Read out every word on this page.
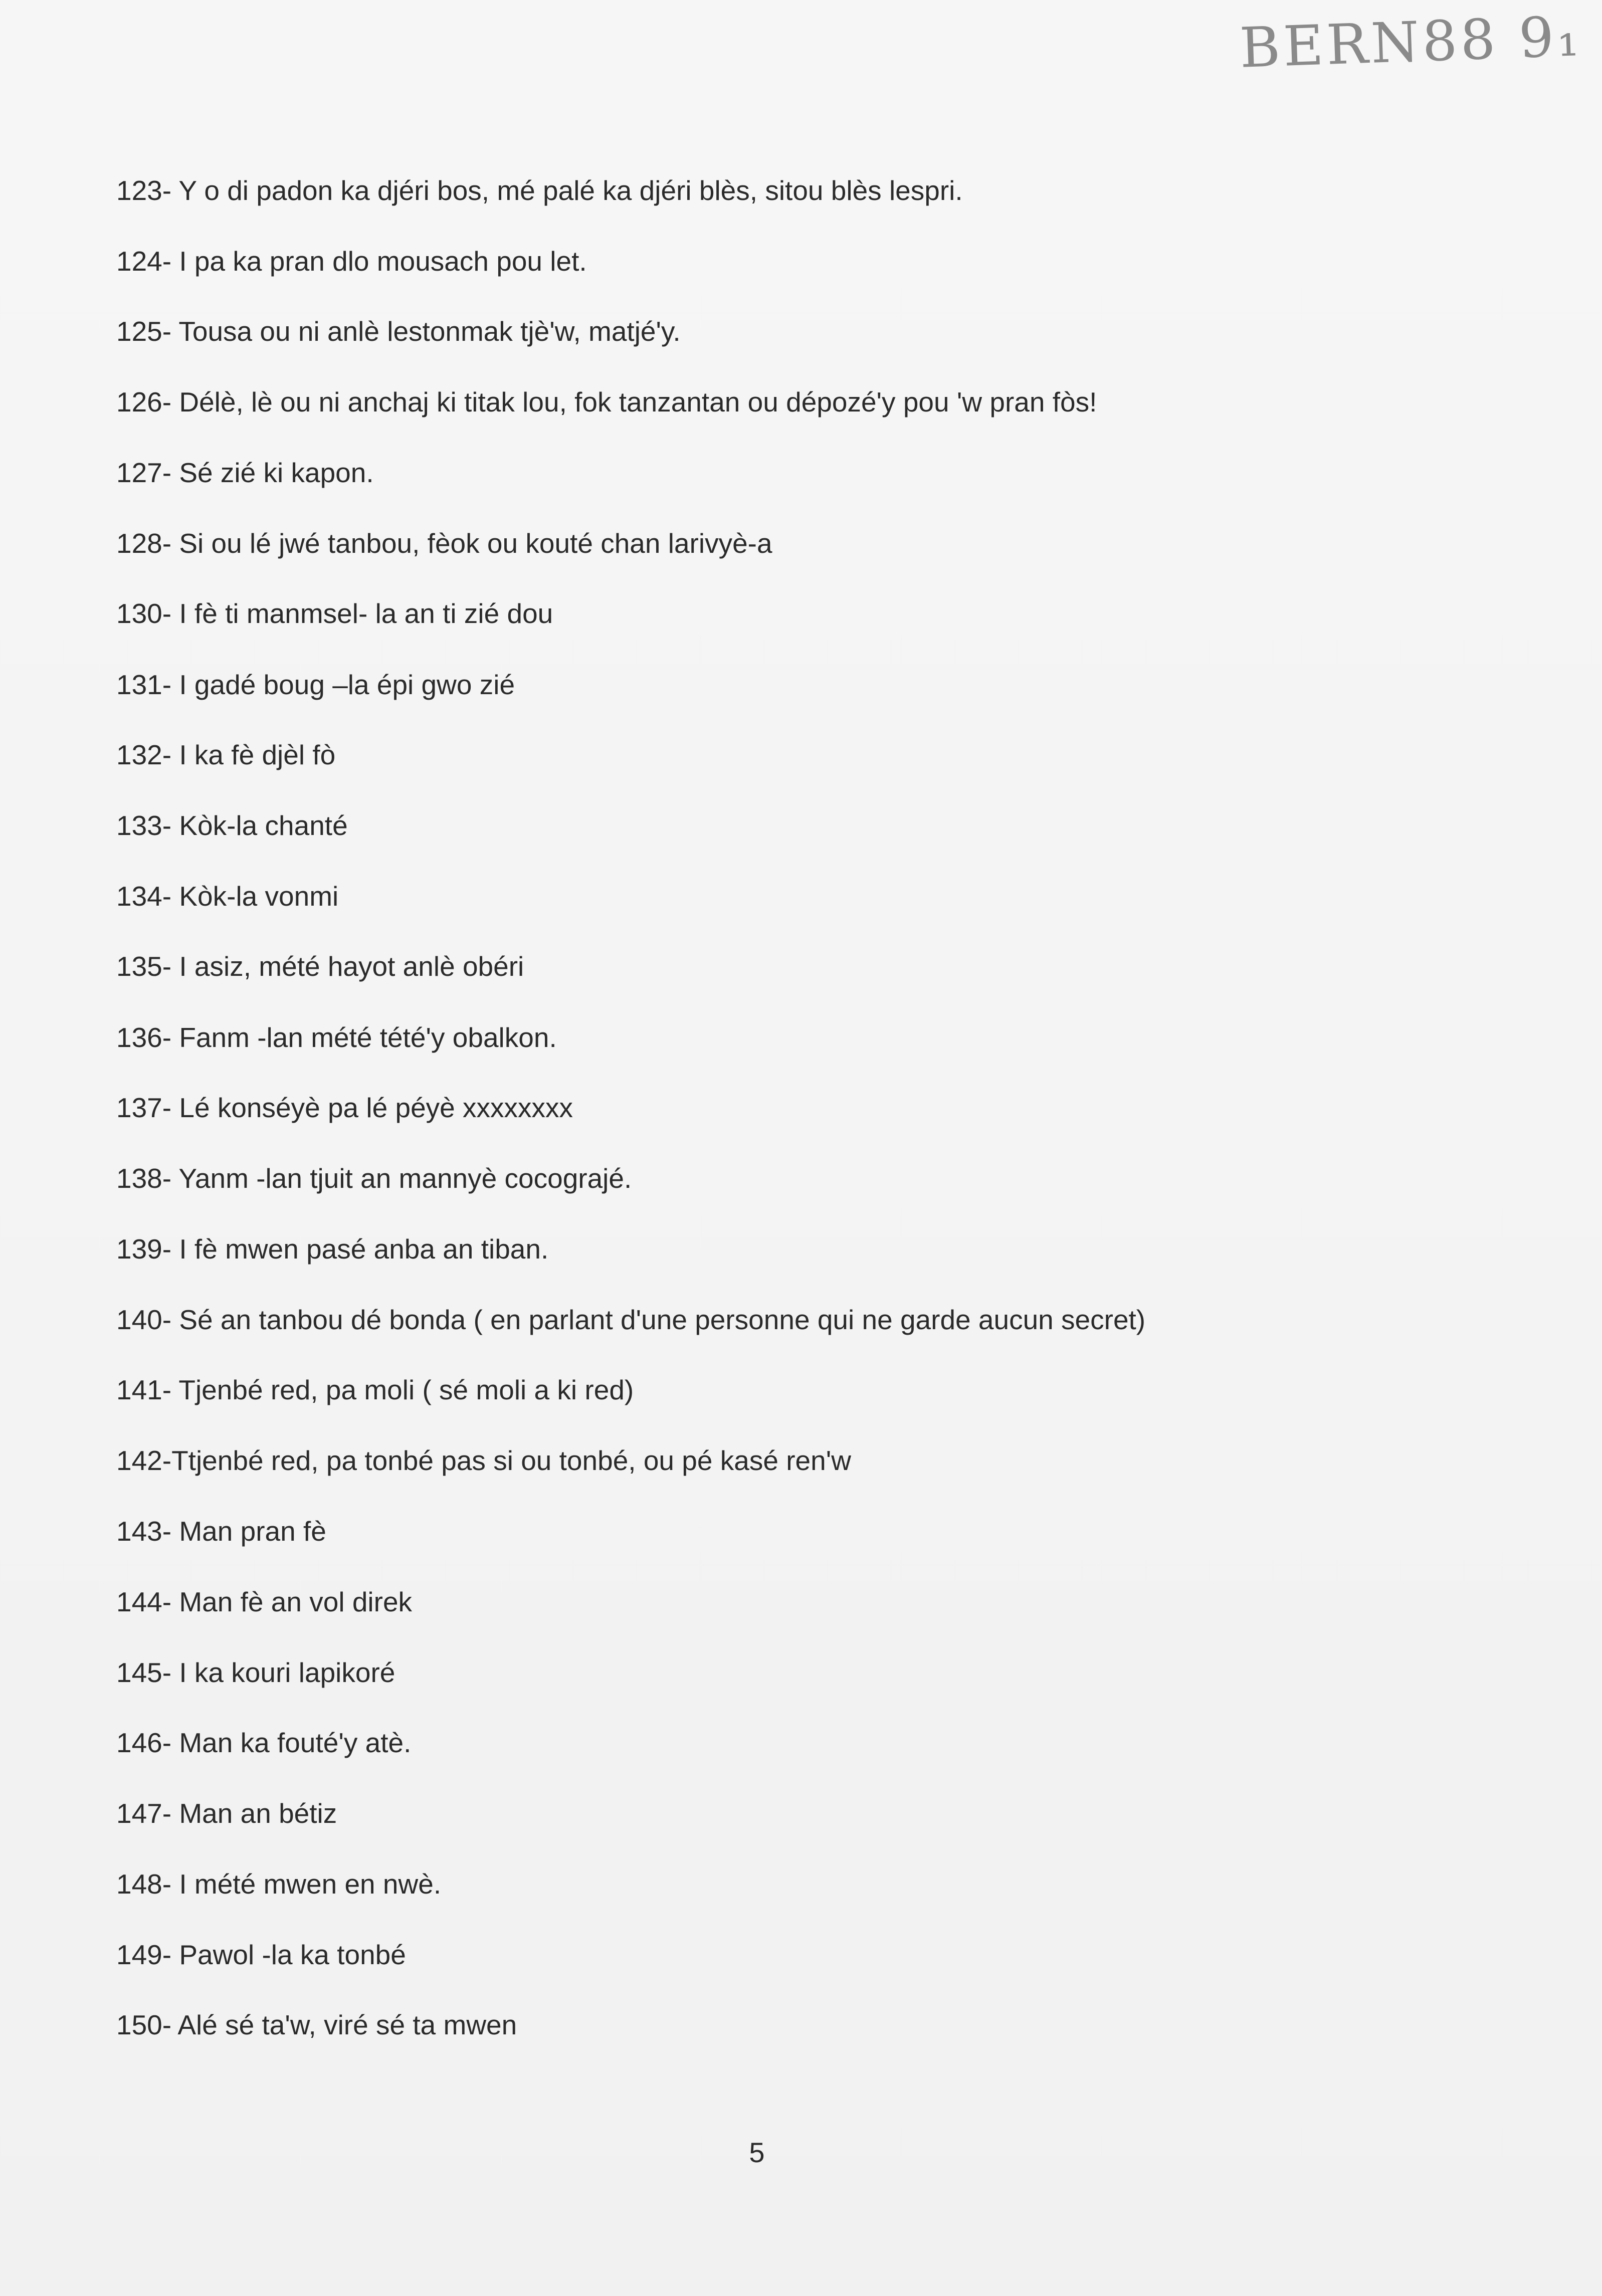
BERN88 9₁
123- Y o di padon ka djéri bos, mé palé ka djéri blès, sitou blès lespri.
124- I pa ka pran dlo mousach pou let.
125- Tousa ou ni anlè lestonmak tjè'w, matjé'y.
126- Délè, lè ou ni anchaj ki titak lou, fok tanzantan ou dépozé'y pou 'w pran fòs!
127- Sé zié ki kapon.
128- Si ou lé jwé tanbou, fèok ou kouté chan larivyè-a
130- I fè ti manmsel- la an ti zié dou
131- I gadé boug –la épi gwo zié
132- I ka fè djèl fò
133- Kòk-la chanté
134- Kòk-la vonmi
135- I asiz, mété hayot anlè obéri
136- Fanm -lan mété tété'y obalkon.
137- Lé konséyè pa lé péyè xxxxxxxx
138- Yanm -lan tjuit an mannyè cocograjé.
139- I fè mwen pasé anba an tiban.
140- Sé an tanbou dé bonda ( en parlant d'une personne qui ne garde aucun secret)
141- Tjenbé red, pa moli ( sé moli a ki red)
142-Ttjenbé red, pa tonbé pas si ou tonbé, ou pé kasé ren'w
143- Man pran fè
144- Man fè an vol direk
145- I ka kouri lapikoré
146- Man ka fouté'y atè.
147- Man an bétiz
148- I mété mwen en nwè.
149- Pawol -la ka tonbé
150- Alé sé ta'w, viré sé ta mwen
5
